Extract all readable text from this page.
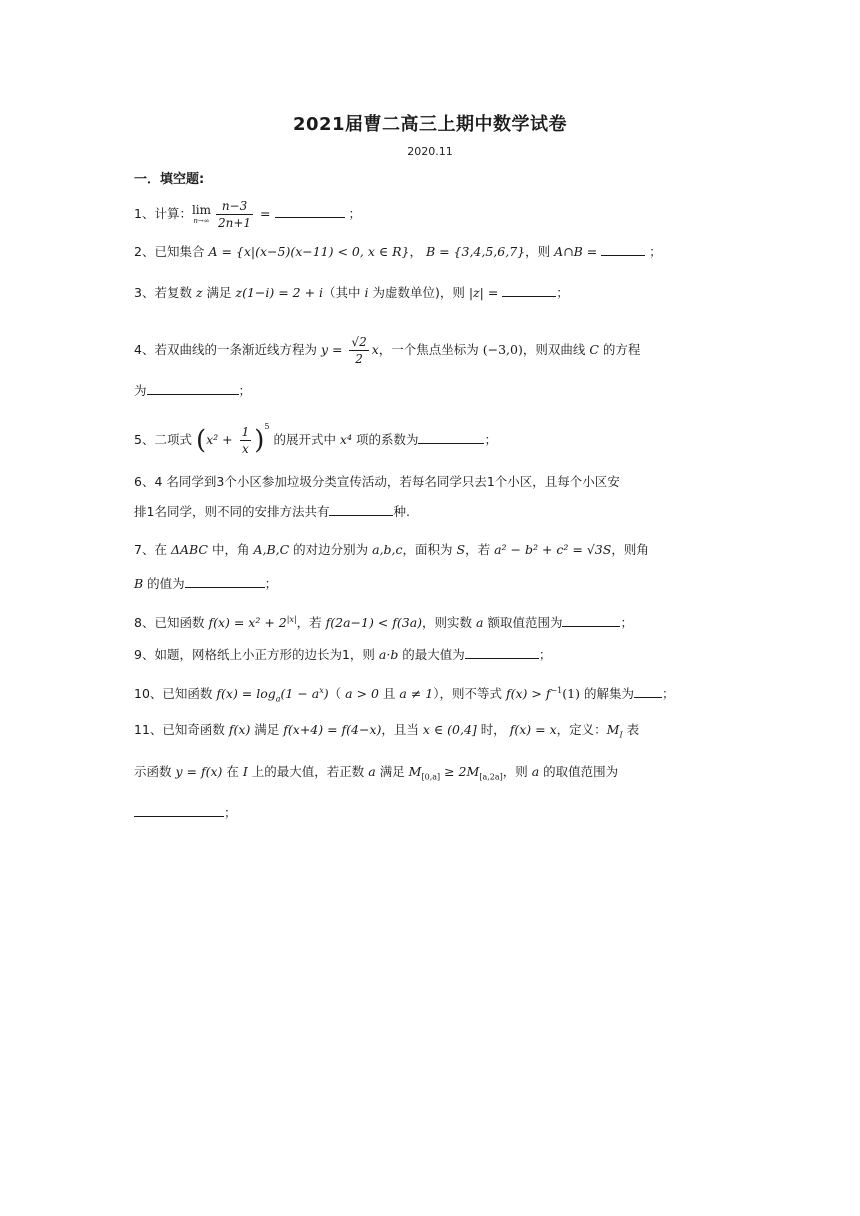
2021届曹二高三上期中数学试卷
2020.11
一．填空题:
1、计算： lim
$n\to\infty \frac{n-3}{2n+1}$ =	；
2、已知集合 A = {x|(x−5)(x−11) < 0, x ∈ R}， B = {3,4,5,6,7}，则 A∩B =	；
3、若复数 z 满足 z(1−i) = 2 + i（其中 i 为虚数单位)，则 |z| =	；
4、若双曲线的一条渐近线方程为 $y = \frac{√2}{2}$ x，一个焦点坐标为 (−3,0)，则双曲线 C 的方程
为	；
5、二项式 $(x^2 + \frac{1}{x} )^5$ 的展开式中 x⁴ 项的系数为	；
6、4 名同学到3个小区参加垃圾分类宣传活动，若每名同学只去1个小区，且每个小区安
排1名同学，则不同的安排方法共有	种.
7、在 ΔABC 中，角 A,B,C 的对边分别为 a,b,c，面积为 S，若 a² − b² + c² = √3S，则角
B 的值为	；
8、已知函数 $f(x) = x^2 + 2^{|x|}$，若 f(2a−1) < f(3a)，则实数 a 额取值范围为	；
9、如题，网格纸上小正方形的边长为1，则 a·b 的最大值为	；
10、已知函数 $f(x) = \log_a(1 - a^x)$（ a > 0 且 a ≠ 1），则不等式 $f(x) > f^{-1}(1)$ 的解集为 ；
11、已知奇函数 f(x) 满足 f(x+4) = f(4−x)，且当 x ∈ (0,4] 时， f(x) = x，定义：$M_I$ 表
示函数 y = f(x) 在 I 上的最大值，若正数 a 满足 $M_{[0,a]} \ge 2M_{[a,2a]}$，则 a 的取值范围为
；
